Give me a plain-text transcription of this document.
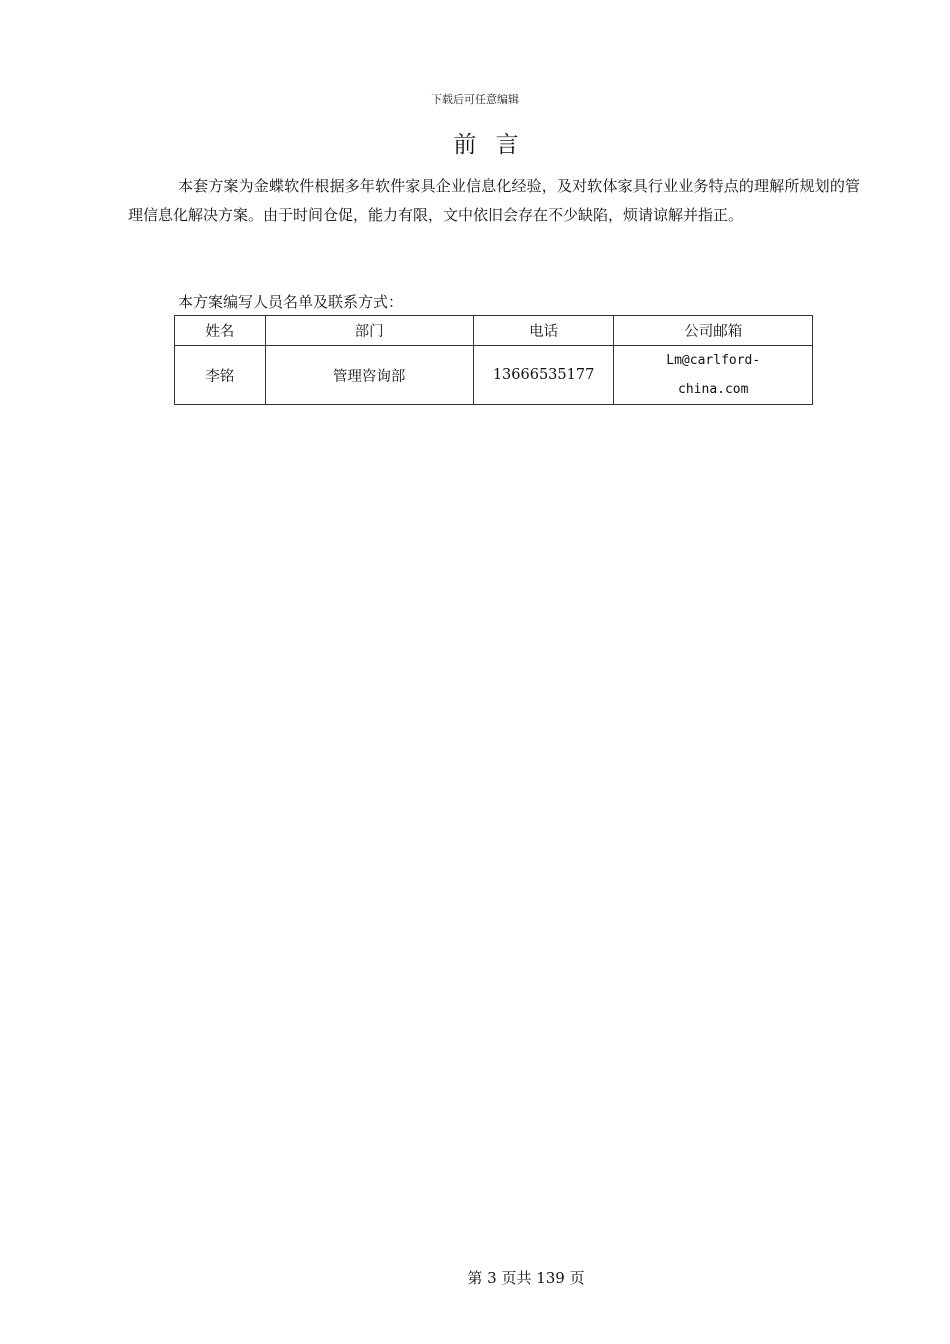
下载后可任意编辑
前 言

本套方案为金蝶软件根据多年软件家具企业信息化经验，及对软体家具行业业务特点的理解所规划的管理信息化解决方案。由于时间仓促，能力有限，文中依旧会存在不少缺陷，烦请谅解并指正。

本方案编写人员名单及联系方式：
姓名	部门	电话	公司邮箱
李铭	管理咨询部	13666535177	Lm@carlford-
china.com
第 3 页共 139 页
